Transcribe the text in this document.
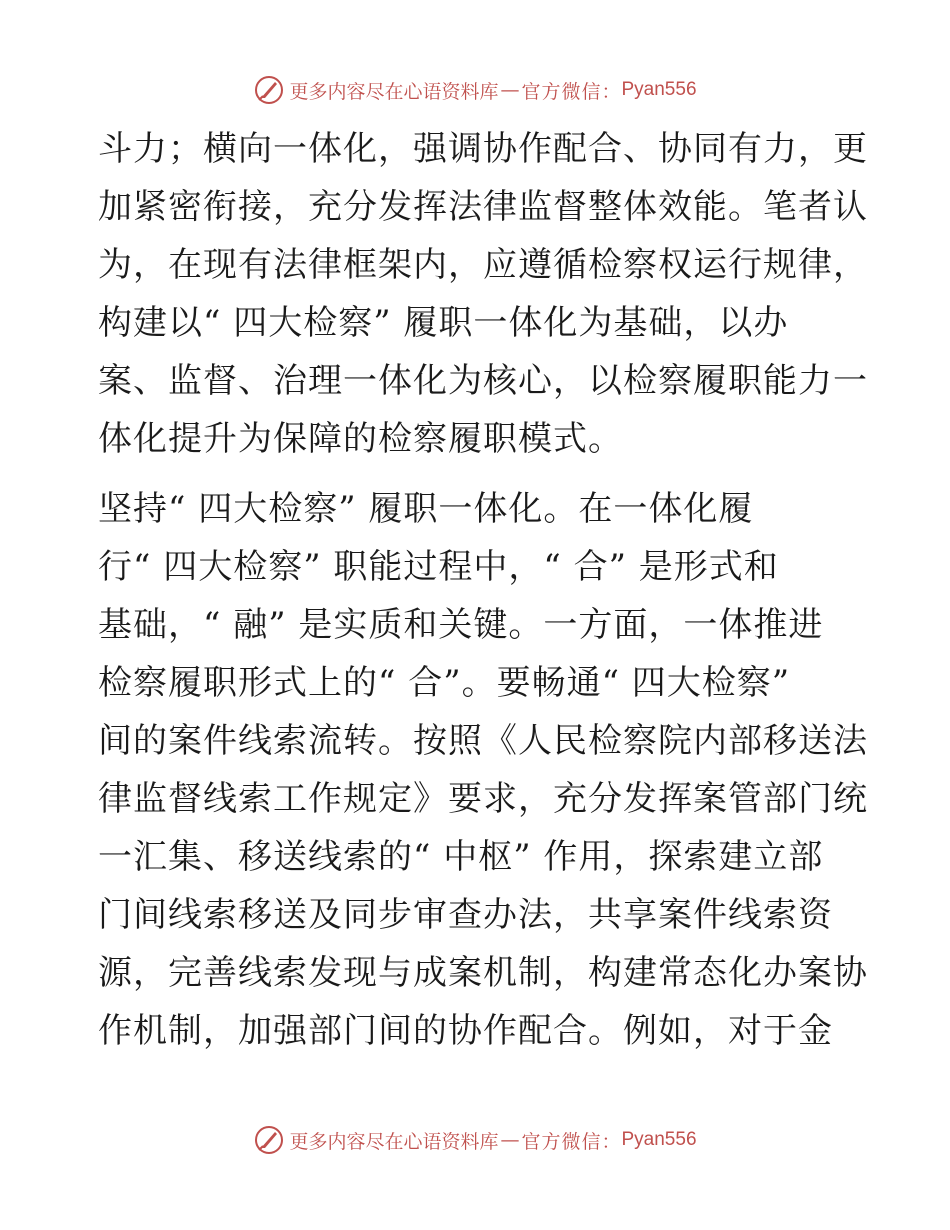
更多内容尽在心语资料库 — 官方微信： Pyan556
斗 力 ； 横 向 一 体 化 ， 强 调 协 作 配 合 、 协 同 有 力 ， 更
加 紧 密 衔 接 ， 充 分 发 挥 法 律 监 督 整 体 效 能 。 笔 者 认
为 ， 在 现 有 法 律 框 架 内 ， 应 遵 循 检 察 权 运 行 规 律 ，
构建以“ 四大检察” 履职一体化为基础，以办
案 、 监 督 、 治 理 一 体 化 为 核 心 ， 以 检 察 履 职 能 力 一
体化提升为保障的检察履职模式。
坚持“ 四大检察” 履职一体化。在一体化履
行“ 四大检察” 职能过程中，“ 合” 是形式和
基础，“ 融” 是实质和关键。一方面，一体推进
检察履职形式上的“ 合”。要畅通“ 四大检察”
间 的 案 件 线 索 流 转 。 按 照 《 人 民 检 察 院 内 部 移 送 法
律 监 督 线 索 工 作 规 定 》 要 求 ， 充 分 发 挥 案 管 部 门 统
一汇集、移送线索的“ 中枢” 作用，探索建立部
门间线索移送及同步审查办法，共享案件线索资
源 ， 完 善 线 索 发 现 与 成 案 机 制 ， 构 建 常 态 化 办 案 协
作机制，加强部门间的协作配合。例如，对于金
更多内容尽在心语资料库 — 官方微信： Pyan556
